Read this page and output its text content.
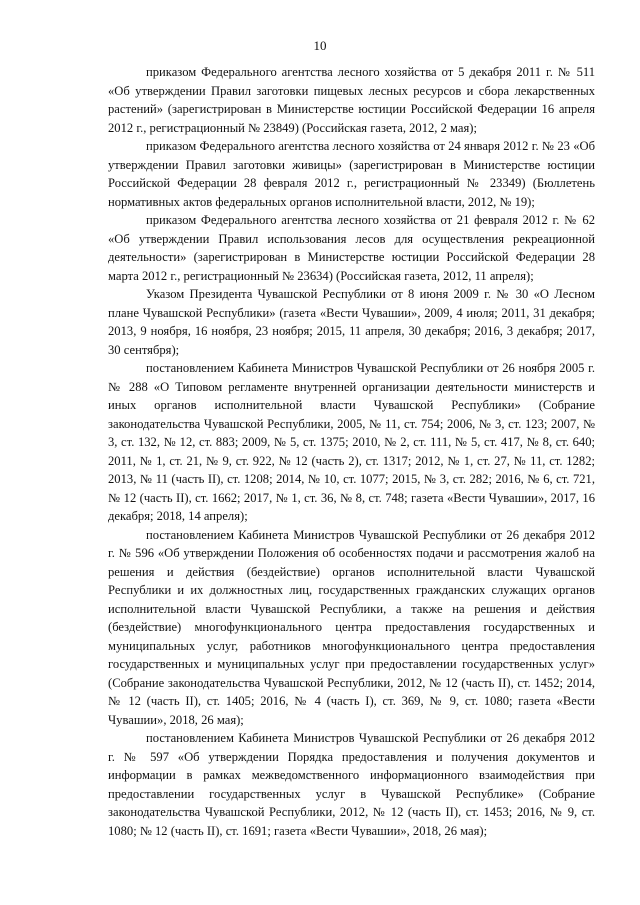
10

приказом Федерального агентства лесного хозяйства от 5 декабря 2011 г. № 511 «Об утверждении Правил заготовки пищевых лесных ресурсов и сбора лекарственных растений» (зарегистрирован в Министерстве юстиции Российской Федерации 16 апреля 2012 г., регистрационный № 23849) (Российская газета, 2012, 2 мая);

приказом Федерального агентства лесного хозяйства от 24 января 2012 г. № 23 «Об утверждении Правил заготовки живицы» (зарегистрирован в Министерстве юстиции Российской Федерации 28 февраля 2012 г., регистрационный № 23349) (Бюллетень нормативных актов федеральных органов исполнительной власти, 2012, № 19);

приказом Федерального агентства лесного хозяйства от 21 февраля 2012 г. № 62 «Об утверждении Правил использования лесов для осуществления рекреационной деятельности» (зарегистрирован в Министерстве юстиции Российской Федерации 28 марта 2012 г., регистрационный № 23634) (Российская газета, 2012, 11 апреля);

Указом Президента Чувашской Республики от 8 июня 2009 г. № 30 «О Лесном плане Чувашской Республики» (газета «Вести Чувашии», 2009, 4 июля; 2011, 31 декабря; 2013, 9 ноября, 16 ноября, 23 ноября; 2015, 11 апреля, 30 декабря; 2016, 3 декабря; 2017, 30 сентября);

постановлением Кабинета Министров Чувашской Республики от 26 ноября 2005 г. № 288 «О Типовом регламенте внутренней организации деятельности министерств и иных органов исполнительной власти Чувашской Республики» (Собрание законодательства Чувашской Республики, 2005, № 11, ст. 754; 2006, № 3, ст. 123; 2007, № 3, ст. 132, № 12, ст. 883; 2009, № 5, ст. 1375; 2010, № 2, ст. 111, № 5, ст. 417, № 8, ст. 640; 2011, № 1, ст. 21, № 9, ст. 922, № 12 (часть 2), ст. 1317; 2012, № 1, ст. 27, № 11, ст. 1282; 2013, № 11 (часть II), ст. 1208; 2014, № 10, ст. 1077; 2015, № 3, ст. 282; 2016, № 6, ст. 721, № 12 (часть II), ст. 1662; 2017, № 1, ст. 36, № 8, ст. 748; газета «Вести Чувашии», 2017, 16 декабря; 2018, 14 апреля);

постановлением Кабинета Министров Чувашской Республики от 26 декабря 2012 г. № 596 «Об утверждении Положения об особенностях подачи и рассмотрения жалоб на решения и действия (бездействие) органов исполнительной власти Чувашской Республики и их должностных лиц, государственных гражданских служащих органов исполнительной власти Чувашской Республики, а также на решения и действия (бездействие) многофункционального центра предоставления государственных и муниципальных услуг, работников многофункционального центра предоставления государственных и муниципальных услуг при предоставлении государственных услуг» (Собрание законодательства Чувашской Республики, 2012, № 12 (часть II), ст. 1452; 2014, № 12 (часть II), ст. 1405; 2016, № 4 (часть I), ст. 369, № 9, ст. 1080; газета «Вести Чувашии», 2018, 26 мая);

постановлением Кабинета Министров Чувашской Республики от 26 декабря 2012 г. № 597 «Об утверждении Порядка предоставления и получения документов и информации в рамках межведомственного информационного взаимодействия при предоставлении государственных услуг в Чувашской Республике» (Собрание законодательства Чувашской Республики, 2012, № 12 (часть II), ст. 1453; 2016, № 9, ст. 1080; № 12 (часть II), ст. 1691; газета «Вести Чувашии», 2018, 26 мая);
